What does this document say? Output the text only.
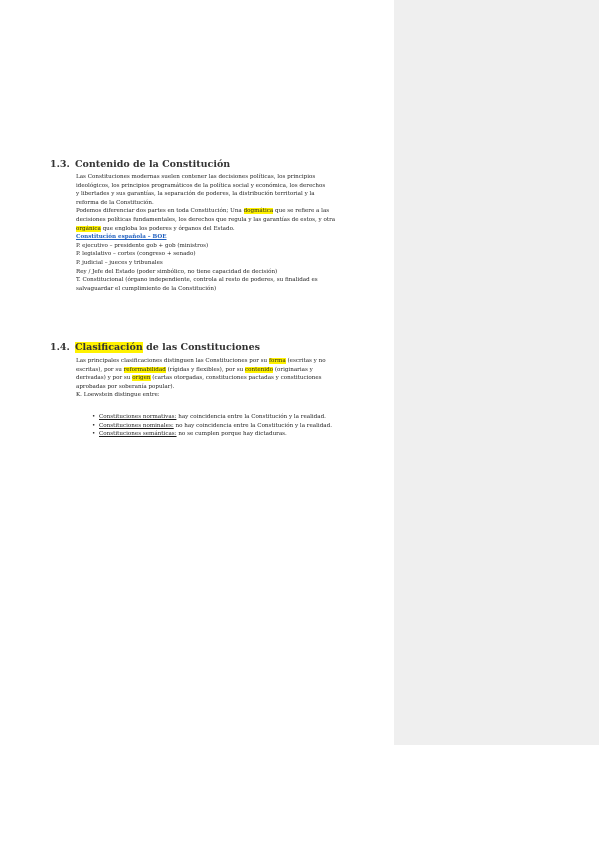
1.3. Contenido de la Constitución
Las Constituciones modernas suelen contener las decisiones políticas, los principios
ideológicos, los principios programáticos de la política social y económica, los derechos
y libertades y sus garantías, la separación de poderes, la distribución territorial y la
reforma de la Constitución.
Podemos diferenciar dos partes en toda Constitución; Una dogmática que se refiere a las
decisiones políticas fundamentales, los derechos que regula y las garantías de estos, y otra
orgánica que engloba los poderes y órganos del Estado.
Constitución española – BOE
P. ejecutivo – presidente gob + gob (ministros)
P. legislativo – cortes (congreso + senado)
P. judicial – jueces y tribunales
Rey / Jefe del Estado (poder simbólico, no tiene capacidad de decisión)
T. Constitucional (órgano independiente, controla al resto de poderes, su finalidad es
salvaguardar el cumplimiento de la Constitución)
1.4. Clasificación de las Constituciones
Las principales clasificaciones distinguen las Constituciones por su forma (escritas y no
escritas), por su reformabilidad (rígidas y flexibles), por su contenido (originarias y
derivadas) y por su origen (cartas otorgadas, constituciones pactadas y constituciones
aprobadas por soberanía popular).
K. Loewstein distingue entre:
• Constituciones normativas: hay coincidencia entre la Constitución y la realidad.
• Constituciones nominales: no hay coincidencia entre la Constitución y la realidad.
• Constituciones semánticas: no se cumplen porque hay dictaduras.
